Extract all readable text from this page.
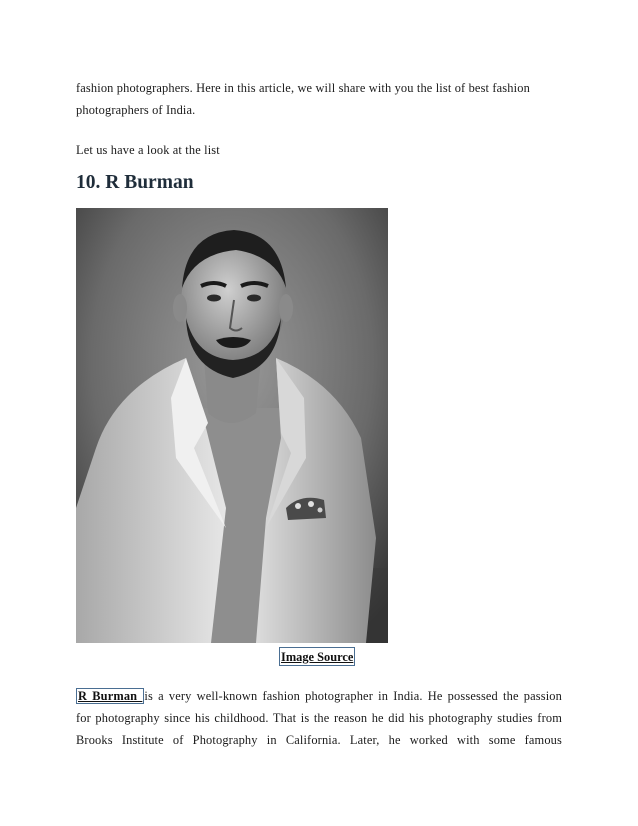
fashion photographers. Here in this article, we will share with you the list of best fashion
photographers of India.

Let us have a look at the list

10. R Burman
Image Source
R Burman is a very well-known fashion photographer in India. He possessed the passion
for photography since his childhood. That is the reason he did his photography studies from
Brooks Institute of Photography in California. Later, he worked with some famous
